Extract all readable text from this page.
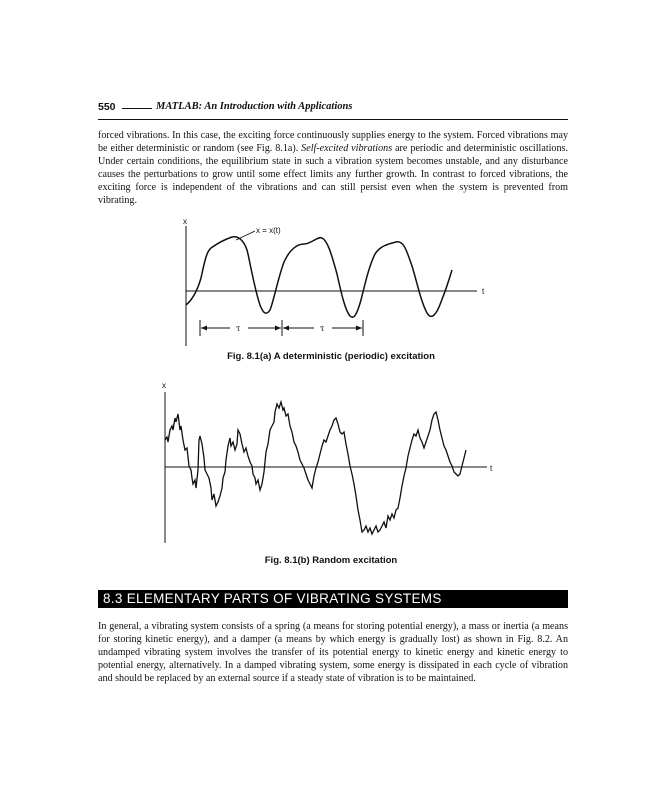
550	MATLAB: An Introduction with Applications
forced vibrations. In this case, the exciting force continuously supplies energy to the system. Forced vibrations may be either deterministic or random (see Fig. 8.1a). Self-excited vibrations are periodic and deterministic oscillations. Under certain conditions, the equilibrium state in such a vibration system becomes unstable, and any disturbance causes the perturbations to grow until some effect limits any further growth. In contrast to forced vibrations, the exciting force is independent of the vibrations and can still persist even when the system is prevented from vibrating.
x
t
x = x(t)
τ	τ
Fig. 8.1(a) A deterministic (periodic) excitation
x
t
Fig. 8.1(b) Random excitation
8.3 ELEMENTARY PARTS OF VIBRATING SYSTEMS
In general, a vibrating system consists of a spring (a means for storing potential energy), a mass or inertia (a means for storing kinetic energy), and a damper (a means by which energy is gradually lost) as shown in Fig. 8.2. An undamped vibrating system involves the transfer of its potential energy to kinetic energy and kinetic energy to potential energy, alternatively. In a damped vibrating system, some energy is dissipated in each cycle of vibration and should be replaced by an external source if a steady state of vibration is to be maintained.
